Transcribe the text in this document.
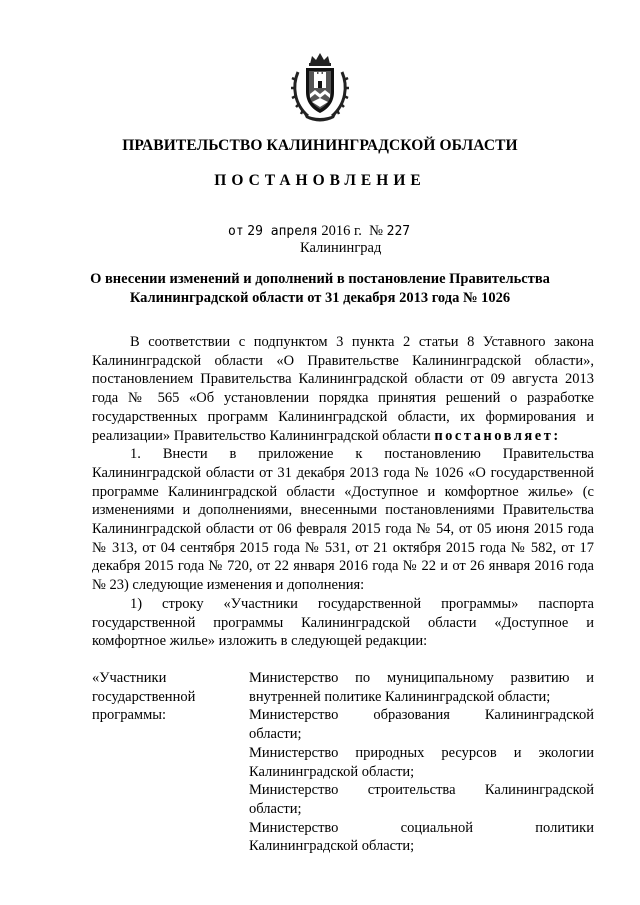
ПРАВИТЕЛЬСТВО КАЛИНИНГРАДСКОЙ ОБЛАСТИ
ПОСТАНОВЛЕНИЕ
от 29 апреля 2016 г. № 227
Калининград
О внесении изменений и дополнений в постановление Правительства
Калининградской области от 31 декабря 2013 года № 1026

В соответствии с подпунктом 3 пункта 2 статьи 8 Уставного закона Калининградской области «О Правительстве Калининградской области», постановлением Правительства Калининградской области от 09 августа 2013 года № 565 «Об установлении порядка принятия решений о разработке государственных программ Калининградской области, их формирования и реализации» Правительство Калининградской области постановляет:

1. Внести в приложение к постановлению Правительства Калининградской области от 31 декабря 2013 года № 1026 «О государственной программе Калининградской области «Доступное и комфортное жилье» (с изменениями и дополнениями, внесенными постановлениями Правительства Калининградской области от 06 февраля 2015 года № 54, от 05 июня 2015 года № 313, от 04 сентября 2015 года № 531, от 21 октября 2015 года № 582, от 17 декабря 2015 года № 720, от 22 января 2016 года № 22 и от 26 января 2016 года № 23) следующие изменения и дополнения:

1) строку «Участники государственной программы» паспорта государственной программы Калининградской области «Доступное и комфортное жилье» изложить в следующей редакции:

«Участники
государственной
программы:
Министерство по муниципальному развитию и
внутренней политике Калининградской области;
Министерство образования Калининградской
области;
Министерство природных ресурсов и экологии
Калининградской области;
Министерство строительства Калининградской
области;
Министерство социальной политики
Калининградской области;
